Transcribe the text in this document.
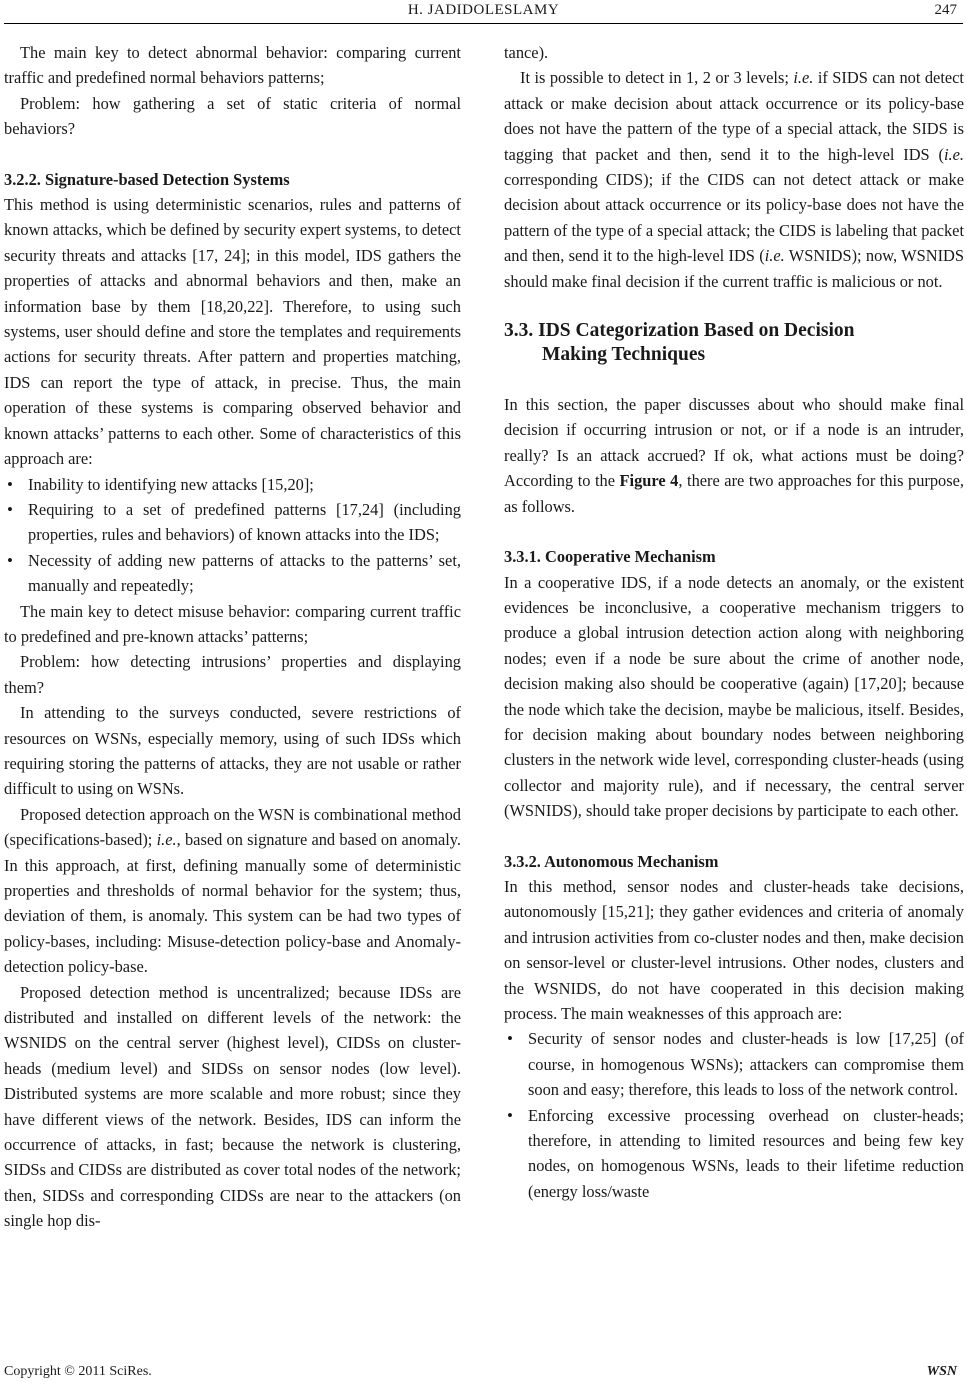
H. JADIDOLESLAMY	247

The main key to detect abnormal behavior: comparing current traffic and predefined normal behaviors patterns;

Problem: how gathering a set of static criteria of normal behaviors?

3.2.2. Signature-based Detection Systems

This method is using deterministic scenarios, rules and patterns of known attacks, which be defined by security expert systems, to detect security threats and attacks [17, 24]; in this model, IDS gathers the properties of attacks and abnormal behaviors and then, make an information base by them [18,20,22]. Therefore, to using such systems, user should define and store the templates and requirements actions for security threats. After pattern and properties matching, IDS can report the type of attack, in precise. Thus, the main operation of these systems is comparing observed behavior and known attacks’ patterns to each other. Some of characteristics of this approach are:

• Inability to identifying new attacks [15,20];
• Requiring to a set of predefined patterns [17,24] (including properties, rules and behaviors) of known attacks into the IDS;
• Necessity of adding new patterns of attacks to the patterns’ set, manually and repeatedly;

The main key to detect misuse behavior: comparing current traffic to predefined and pre-known attacks’ patterns;

Problem: how detecting intrusions’ properties and displaying them?

In attending to the surveys conducted, severe restrictions of resources on WSNs, especially memory, using of such IDSs which requiring storing the patterns of attacks, they are not usable or rather difficult to using on WSNs.

Proposed detection approach on the WSN is combinational method (specifications-based); i.e., based on signature and based on anomaly. In this approach, at first, defining manually some of deterministic properties and thresholds of normal behavior for the system; thus, deviation of them, is anomaly. This system can be had two types of policy-bases, including: Misuse-detection policy-base and Anomaly-detection policy-base.

Proposed detection method is uncentralized; because IDSs are distributed and installed on different levels of the network: the WSNIDS on the central server (highest level), CIDSs on cluster-heads (medium level) and SIDSs on sensor nodes (low level). Distributed systems are more scalable and more robust; since they have different views of the network. Besides, IDS can inform the occurrence of attacks, in fast; because the network is clustering, SIDSs and CIDSs are distributed as cover total nodes of the network; then, SIDSs and corresponding CIDSs are near to the attackers (on single hop dis-

tance).

It is possible to detect in 1, 2 or 3 levels; i.e. if SIDS can not detect attack or make decision about attack occurrence or its policy-base does not have the pattern of the type of a special attack, the SIDS is tagging that packet and then, send it to the high-level IDS (i.e. corresponding CIDS); if the CIDS can not detect attack or make decision about attack occurrence or its policy-base does not have the pattern of the type of a special attack; the CIDS is labeling that packet and then, send it to the high-level IDS (i.e. WSNIDS); now, WSNIDS should make final decision if the current traffic is malicious or not.

3.3. IDS Categorization Based on Decision
Making Techniques

In this section, the paper discusses about who should make final decision if occurring intrusion or not, or if a node is an intruder, really? Is an attack accrued? If ok, what actions must be doing? According to the Figure 4, there are two approaches for this purpose, as follows.

3.3.1. Cooperative Mechanism

In a cooperative IDS, if a node detects an anomaly, or the existent evidences be inconclusive, a cooperative mechanism triggers to produce a global intrusion detection action along with neighboring nodes; even if a node be sure about the crime of another node, decision making also should be cooperative (again) [17,20]; because the node which take the decision, maybe be malicious, itself. Besides, for decision making about boundary nodes between neighboring clusters in the network wide level, corresponding cluster-heads (using collector and majority rule), and if necessary, the central server (WSNIDS), should take proper decisions by participate to each other.

3.3.2. Autonomous Mechanism

In this method, sensor nodes and cluster-heads take decisions, autonomously [15,21]; they gather evidences and criteria of anomaly and intrusion activities from co-cluster nodes and then, make decision on sensor-level or cluster-level intrusions. Other nodes, clusters and the WSNIDS, do not have cooperated in this decision making process. The main weaknesses of this approach are:

• Security of sensor nodes and cluster-heads is low [17,25] (of course, in homogenous WSNs); attackers can compromise them soon and easy; therefore, this leads to loss of the network control.
• Enforcing excessive processing overhead on cluster-heads; therefore, in attending to limited resources and being few key nodes, on homogenous WSNs, leads to their lifetime reduction (energy loss/waste
Copyright © 2011 SciRes.	WSN
